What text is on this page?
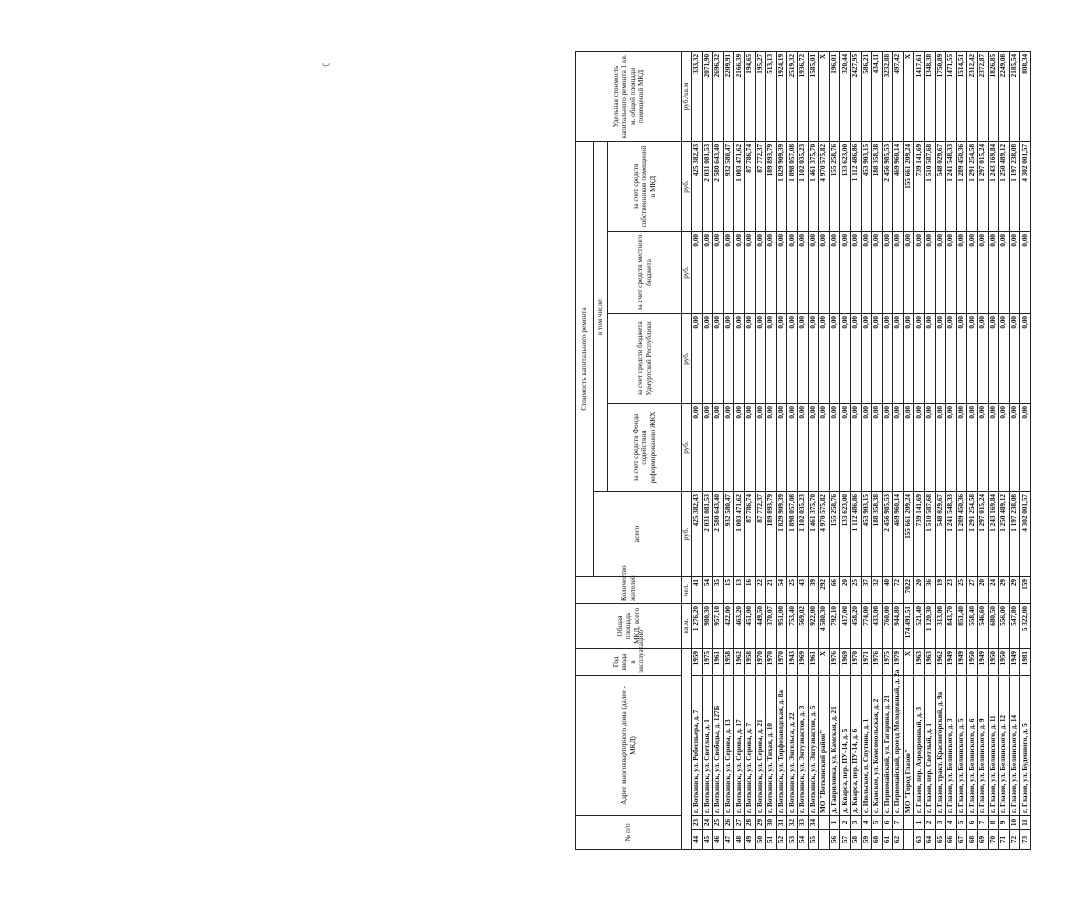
ب
№ п/п		Адрес многоквартирного дома (далее - МКД)	Год ввода в эксплуатацию	Общая площадь МКД, всего	Количество жителей	Стоимость капитального ремонта					Удельная стоимость капитального ремонта 1 кв. м. общей площади помещений МКД
						всего	в том числе:				
							за счет средств Фонда содействия реформированию ЖКХ	за счет средств бюджета Удмуртской Республики	за счет средств местного бюджета	за счет средств собственников помещений в МКД	
				кв.м.	чел.	руб.	руб.	руб.	руб.	руб.	руб./кв.м
44	23	г. Воткинск, ул. Робеспьера, д. 7	1959	1 276,20	41	425 382,43	0,00	0,00	0,00	425 382,43	333,32
45	24	г. Воткинск, ул. Светлая, д. 1	1975	980,30	54	2 031 081,53	0,00	0,00	0,00	2 031 081,53	2071,90
46	25	г. Воткинск, ул. Свободы, д. 127Б	1961	957,10	35	2 580 643,40	0,00	0,00	0,00	2 580 643,40	2696,32
47	26	г. Воткинск, ул. Серова, д. 13	1958	422,00	15	932 580,47	0,00	0,00	0,00	932 580,47	2209,91
48	27	г. Воткинск, ул. Серова, д. 17	1962	463,20	13	1 003 471,62	0,00	0,00	0,00	1 003 471,62	2166,39
49	28	г. Воткинск, ул. Серова, д. 7	1958	451,00	16	87 786,74	0,00	0,00	0,00	87 786,74	194,65
50	29	г. Воткинск, ул. Серова, д. 21	1970	449,50	22	87 772,37	0,00	0,00	0,00	87 772,37	195,27
51	30	г. Воткинск, ул. Тихая, д. 10	1970	370,07	21	189 893,79	0,00	0,00	0,00	189 893,79	513,13
52	31	г. Воткинск, ул. Торфозаводская, д. 8а	1970	951,00	54	1 829 909,39	0,00	0,00	0,00	1 829 909,39	1924,19
53	32	г. Воткинск, ул. Энгельса, д. 22	1943	753,40	25	1 898 057,08	0,00	0,00	0,00	1 898 057,08	2519,32
54	33	г. Воткинск, ул. Энтузиастов, д. 3	1969	569,02	43	1 102 035,23	0,00	0,00	0,00	1 102 035,23	1936,72
55	34	г. Воткинск, ул. Энтузиастов, д. 5	1961	922,00	39	1 461 375,70	0,00	0,00	0,00	1 461 375,70	1585,01
		МО "Воткинский район"	X	4 580,30	292	4 970 575,82	0,00	0,00	0,00	4 970 575,82	X
56	1	д. Гавриловка, ул. Камская, д. 21	1976	792,10	66	155 258,76	0,00	0,00	0,00	155 258,76	196,01
57	2	д. Кварса, пер. ПУ-14, д. 5	1969	417,00	20	133 623,00	0,00	0,00	0,00	133 623,00	320,44
58	3	д. Кварса, пер. ПУ-14, д. 6	1970	458,20	25	1 112 486,86	0,00	0,00	0,00	1 112 486,86	2427,95
59	4	с. Июльское, п. Спутник, д. 1	1971	774,00	37	453 903,15	0,00	0,00	0,00	453 903,15	586,21
60	5	с. Камское, ул. Комсомольская, д. 2	1976	433,00	32	188 358,38	0,00	0,00	0,00	188 358,38	434,11
61	6	с. Первомайский, ул. Гагарина, д. 21	1975	760,00	40	2 456 985,53	0,00	0,00	0,00	2 456 985,53	3232,88
62	7	с. Первомайский, проезд Молодежный, д. 2а	1979	944,80	72	469 960,14	0,00	0,00	0,00	469 960,14	497,42
		МО "Город Глазов"	X	174 491,51	7022	155 661 209,24	0,00	0,00	0,00	155 661 209,24	X
63	1	г. Глазов, пер. Аэродромный, д. 3	1963	521,40	20	739 141,69	0,00	0,00	0,00	739 141,69	1417,61
64	2	г. Глазов, пер. Светлый, д. 1	1963	1 120,30	36	1 510 587,68	0,00	0,00	0,00	1 510 587,68	1348,38
65	3	г. Глазов, тракт. Красногорский, д. 9а	1962	313,00	19	548 029,67	0,00	0,00	0,00	548 029,67	1750,89
66	4	г. Глазов, ул. Белинского, д. 3	1949	843,70	23	1 241 548,33	0,00	0,00	0,00	1 241 548,33	1471,55
67	5	г. Глазов, ул. Белинского, д. 5	1949	851,40	25	1 289 450,36	0,00	0,00	0,00	1 289 450,36	1514,51
68	6	г. Глазов, ул. Белинского, д. 6	1950	558,40	27	1 291 254,58	0,00	0,00	0,00	1 291 254,58	2312,42
69	7	г. Глазов, ул. Белинского, д. 9	1949	546,60	20	1 297 015,24	0,00	0,00	0,00	1 297 015,24	2372,87
70	8	г. Глазов, ул. Белинского, д. 11	1950	680,50	24	1 243 169,84	0,00	0,00	0,00	1 243 169,84	1826,85
71	9	г. Глазов, ул. Белинского, д. 12	1950	556,00	29	1 250 489,12	0,00	0,00	0,00	1 250 489,12	2249,08
72	10	г. Глазов, ул. Белинского, д. 14	1949	547,80	29	1 197 238,08	0,00	0,00	0,00	1 197 238,08	2185,54
73	11	г. Глазов, ул. Буденного, д. 5	1981	5 322,00	159	4 302 001,57	0,00	0,00	0,00	4 302 001,57	808,34
